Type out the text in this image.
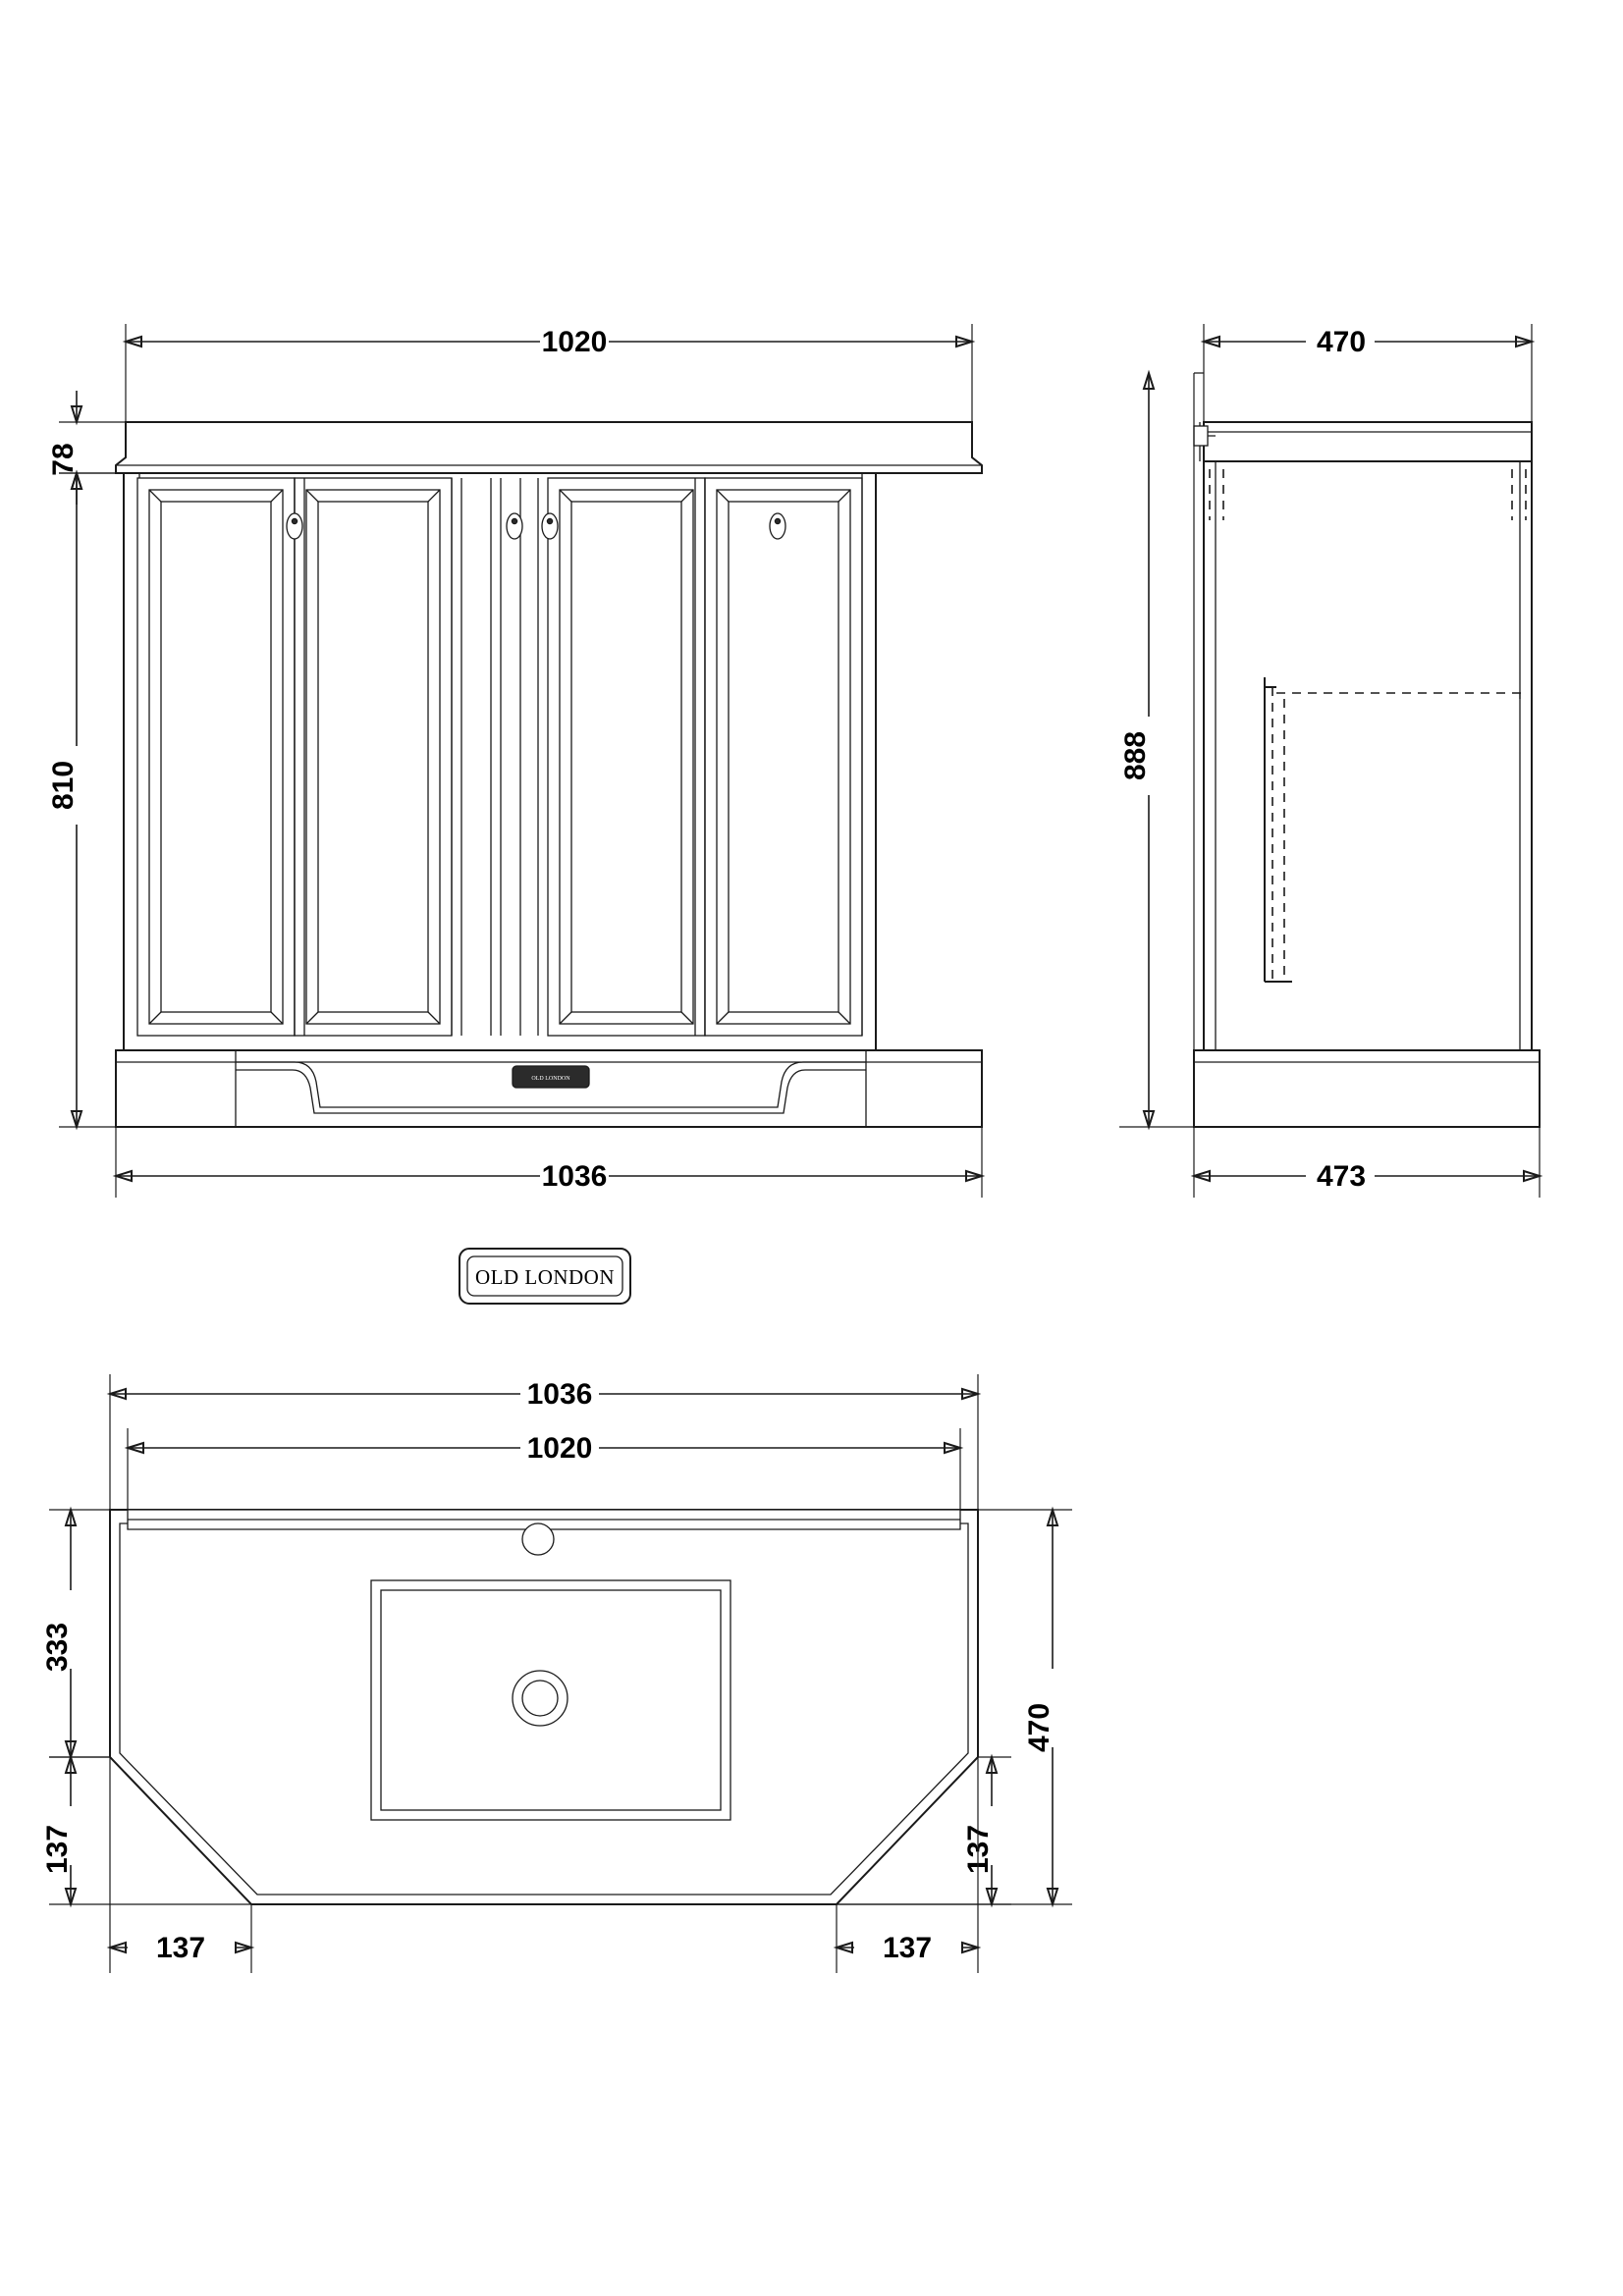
OLD LONDON
1020
78
810
1036
470
888
473
OLD LONDON
1036
1020
333
137
470
137
137	137
